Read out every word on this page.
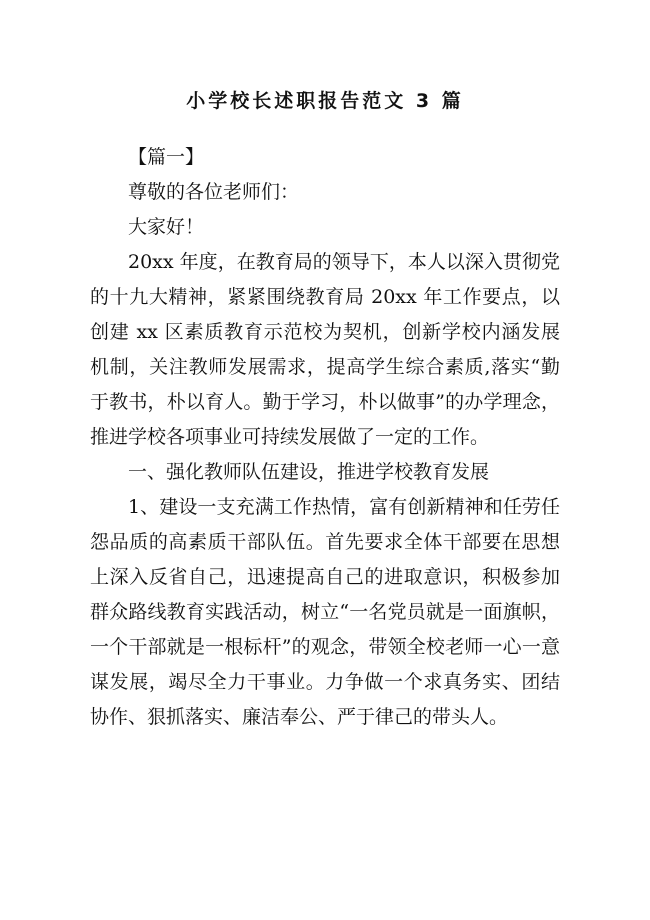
小学校长述职报告范文 3 篇

【篇一】

尊敬的各位老师们：

大家好！

20xx 年度，在教育局的领导下，本人以深入贯彻党的十九大精神，紧紧围绕教育局 20xx 年工作要点，以创建 xx 区素质教育示范校为契机，创新学校内涵发展机制，关注教师发展需求，提高学生综合素质,落实“勤于教书，朴以育人。勤于学习，朴以做事”的办学理念，推进学校各项事业可持续发展做了一定的工作。

一、强化教师队伍建设，推进学校教育发展

1、建设一支充满工作热情，富有创新精神和任劳任怨品质的高素质干部队伍。首先要求全体干部要在思想上深入反省自己，迅速提高自己的进取意识，积极参加群众路线教育实践活动，树立“一名党员就是一面旗帜，一个干部就是一根标杆”的观念，带领全校老师一心一意谋发展，竭尽全力干事业。力争做一个求真务实、团结协作、狠抓落实、廉洁奉公、严于律己的带头人。
